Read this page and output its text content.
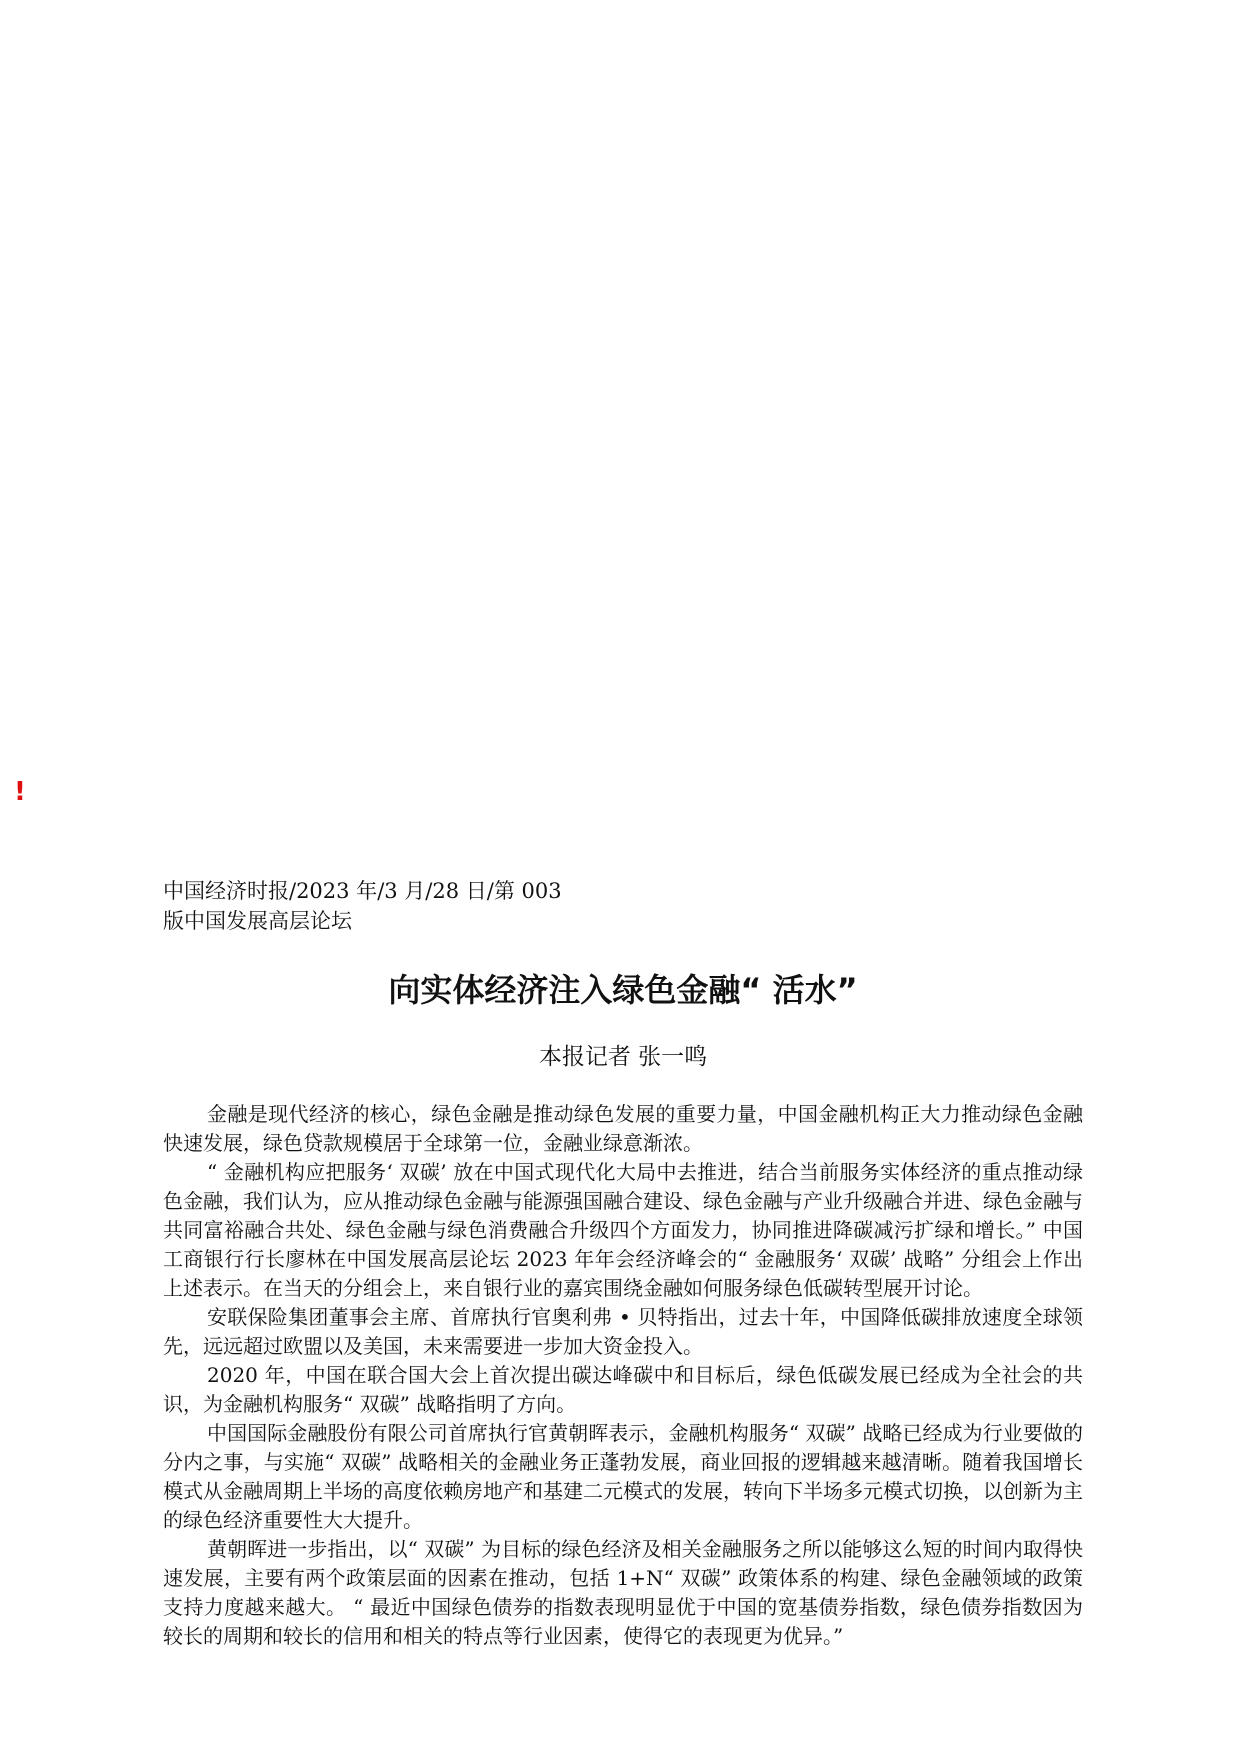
!
中国经济时报/2023 年/3 月/28 日/第 003
版中国发展高层论坛
向实体经济注入绿色金融“ 活水”
本报记者 张一鸣

金融是现代经济的核心，绿色金融是推动绿色发展的重要力量，中国金融机构正大力推动绿色金融快速发展，绿色贷款规模居于全球第一位，金融业绿意渐浓。

“ 金融机构应把服务‘ 双碳’ 放在中国式现代化大局中去推进，结合当前服务实体经济的重点推动绿色金融，我们认为，应从推动绿色金融与能源强国融合建设、绿色金融与产业升级融合并进、绿色金融与共同富裕融合共处、绿色金融与绿色消费融合升级四个方面发力，协同推进降碳减污扩绿和增长。” 中国工商银行行长廖林在中国发展高层论坛 2023 年年会经济峰会的“ 金融服务‘ 双碳’ 战略” 分组会上作出上述表示。在当天的分组会上，来自银行业的嘉宾围绕金融如何服务绿色低碳转型展开讨论。

安联保险集团董事会主席、首席执行官奥利弗 • 贝特指出，过去十年，中国降低碳排放速度全球领先，远远超过欧盟以及美国，未来需要进一步加大资金投入。

2020 年，中国在联合国大会上首次提出碳达峰碳中和目标后，绿色低碳发展已经成为全社会的共识，为金融机构服务“ 双碳” 战略指明了方向。

中国国际金融股份有限公司首席执行官黄朝晖表示，金融机构服务“ 双碳” 战略已经成为行业要做的分内之事，与实施“ 双碳” 战略相关的金融业务正蓬勃发展，商业回报的逻辑越来越清晰。随着我国增长模式从金融周期上半场的高度依赖房地产和基建二元模式的发展，转向下半场多元模式切换，以创新为主的绿色经济重要性大大提升。

黄朝晖进一步指出，以“ 双碳” 为目标的绿色经济及相关金融服务之所以能够这么短的时间内取得快速发展，主要有两个政策层面的因素在推动，包括 1+N“ 双碳” 政策体系的构建、绿色金融领域的政策支持力度越来越大。 “ 最近中国绿色债券的指数表现明显优于中国的宽基债券指数，绿色债券指数因为较长的周期和较长的信用和相关的特点等行业因素，使得它的表现更为优异。”
